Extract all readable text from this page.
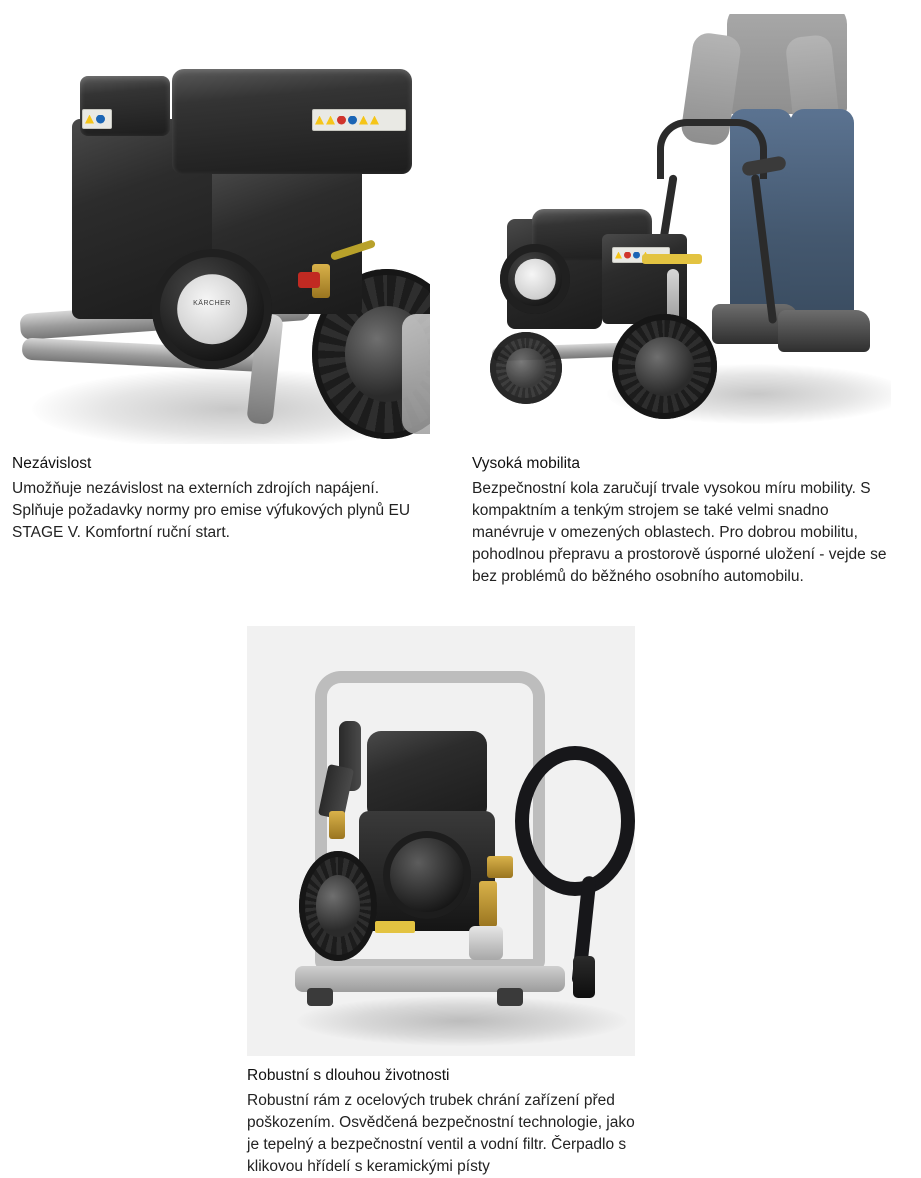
KÄRCHER
Nezávislost
Umožňuje nezávislost na externích zdrojích napájení. Splňuje požadavky normy pro emise výfukových plynů EU STAGE V. Komfortní ruční start.
Vysoká mobilita
Bezpečnostní kola zaručují trvale vysokou míru mobility. S kompaktním a tenkým strojem se také velmi snadno manévruje v omezených oblastech. Pro dobrou mobilitu, pohodlnou přepravu a prostorově úsporné uložení - vejde se bez problémů do běžného osobního automobilu.
Robustní s dlouhou životnosti
Robustní rám z ocelových trubek chrání zařízení před poškozením. Osvědčená bezpečnostní technologie, jako je tepelný a bezpečnostní ventil a vodní filtr. Čerpadlo s klikovou hřídelí s keramickými písty
